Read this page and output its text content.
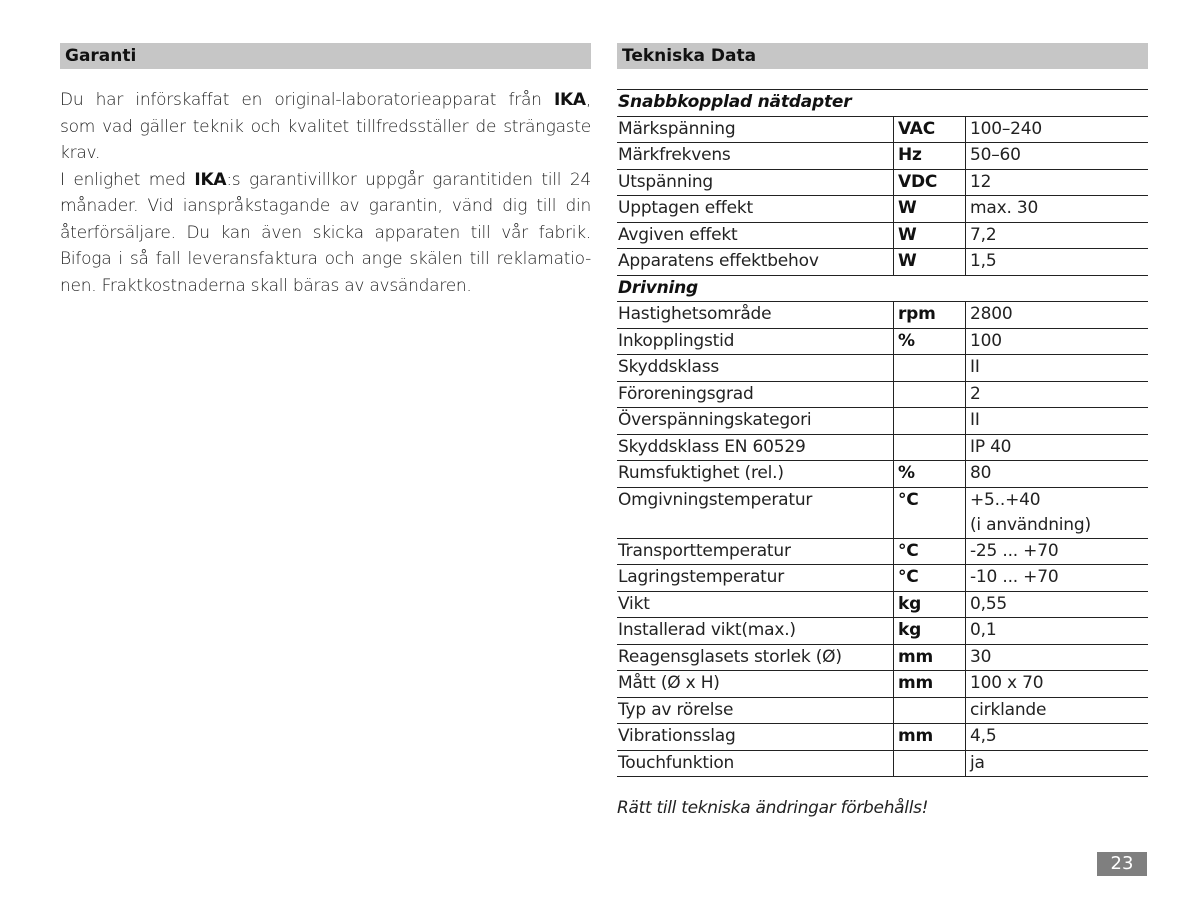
Garanti
Du har införskaffat en original-laboratorieapparat från IKA,
som vad gäller teknik och kvalitet tillfredsställer de strängaste
krav.
I enlighet med IKA:s garantivillkor uppgår garantitiden till 24
månader. Vid ianspråkstagande av garantin, vänd dig till din
återförsäljare. Du kan även skicka apparaten till vår fabrik.
Bifoga i så fall leveransfaktura och ange skälen till reklamatio-
nen. Fraktkostnaderna skall bäras av avsändaren.
Tekniska Data
Snabbkopplad nätdapter		
Märkspänning	VAC	100–240

Märkfrekvens	Hz	50–60

Utspänning	VDC	12

Upptagen effekt	W	max. 30

Avgiven effekt	W	7,2

Apparatens effektbehov	W	1,5

Drivning		
Hastighetsområde	rpm	2800

Inkopplingstid	%	100

Skyddsklass		II

Föroreningsgrad		2

Överspänningskategori		II

Skyddsklass EN 60529		IP 40

Rumsfuktighet (rel.)	%	80

Omgivningstemperatur	°C	+5..+40
(i användning)

Transporttemperatur	°C	-25 ... +70

Lagringstemperatur	°C	-10 ... +70

Vikt	kg	0,55

Installerad vikt(max.)	kg	0,1

Reagensglasets storlek (Ø)	mm	30

Mått (Ø x H)	mm	100 x 70

Typ av rörelse		cirklande

Vibrationsslag	mm	4,5

Touchfunktion		ja
Rätt till tekniska ändringar förbehålls!
23
